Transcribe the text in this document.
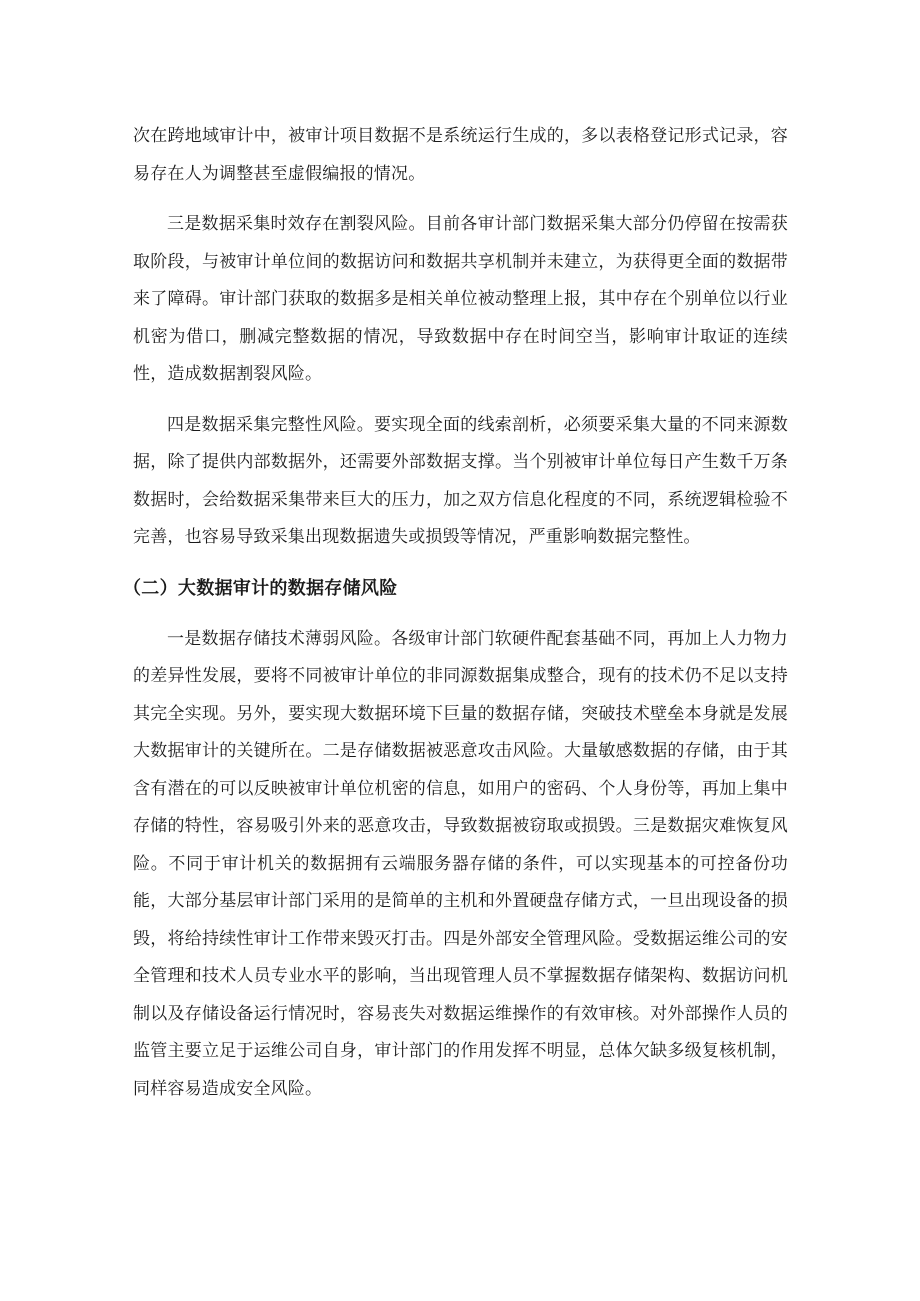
次在跨地域审计中，被审计项目数据不是系统运行生成的，多以表格登记形式记录，容易存在人为调整甚至虚假编报的情况。

三是数据采集时效存在割裂风险。目前各审计部门数据采集大部分仍停留在按需获取阶段，与被审计单位间的数据访问和数据共享机制并未建立，为获得更全面的数据带来了障碍。审计部门获取的数据多是相关单位被动整理上报，其中存在个别单位以行业机密为借口，删减完整数据的情况，导致数据中存在时间空当，影响审计取证的连续性，造成数据割裂风险。

四是数据采集完整性风险。要实现全面的线索剖析，必须要采集大量的不同来源数据，除了提供内部数据外，还需要外部数据支撑。当个别被审计单位每日产生数千万条数据时，会给数据采集带来巨大的压力，加之双方信息化程度的不同，系统逻辑检验不完善，也容易导致采集出现数据遗失或损毁等情况，严重影响数据完整性。

（二）大数据审计的数据存储风险

一是数据存储技术薄弱风险。各级审计部门软硬件配套基础不同，再加上人力物力的差异性发展，要将不同被审计单位的非同源数据集成整合，现有的技术仍不足以支持其完全实现。另外，要实现大数据环境下巨量的数据存储，突破技术壁垒本身就是发展大数据审计的关键所在。二是存储数据被恶意攻击风险。大量敏感数据的存储，由于其含有潜在的可以反映被审计单位机密的信息，如用户的密码、个人身份等，再加上集中存储的特性，容易吸引外来的恶意攻击，导致数据被窃取或损毁。三是数据灾难恢复风险。不同于审计机关的数据拥有云端服务器存储的条件，可以实现基本的可控备份功能，大部分基层审计部门采用的是简单的主机和外置硬盘存储方式，一旦出现设备的损毁，将给持续性审计工作带来毁灭打击。四是外部安全管理风险。受数据运维公司的安全管理和技术人员专业水平的影响，当出现管理人员不掌握数据存储架构、数据访问机制以及存储设备运行情况时，容易丧失对数据运维操作的有效审核。对外部操作人员的监管主要立足于运维公司自身，审计部门的作用发挥不明显，总体欠缺多级复核机制，同样容易造成安全风险。
